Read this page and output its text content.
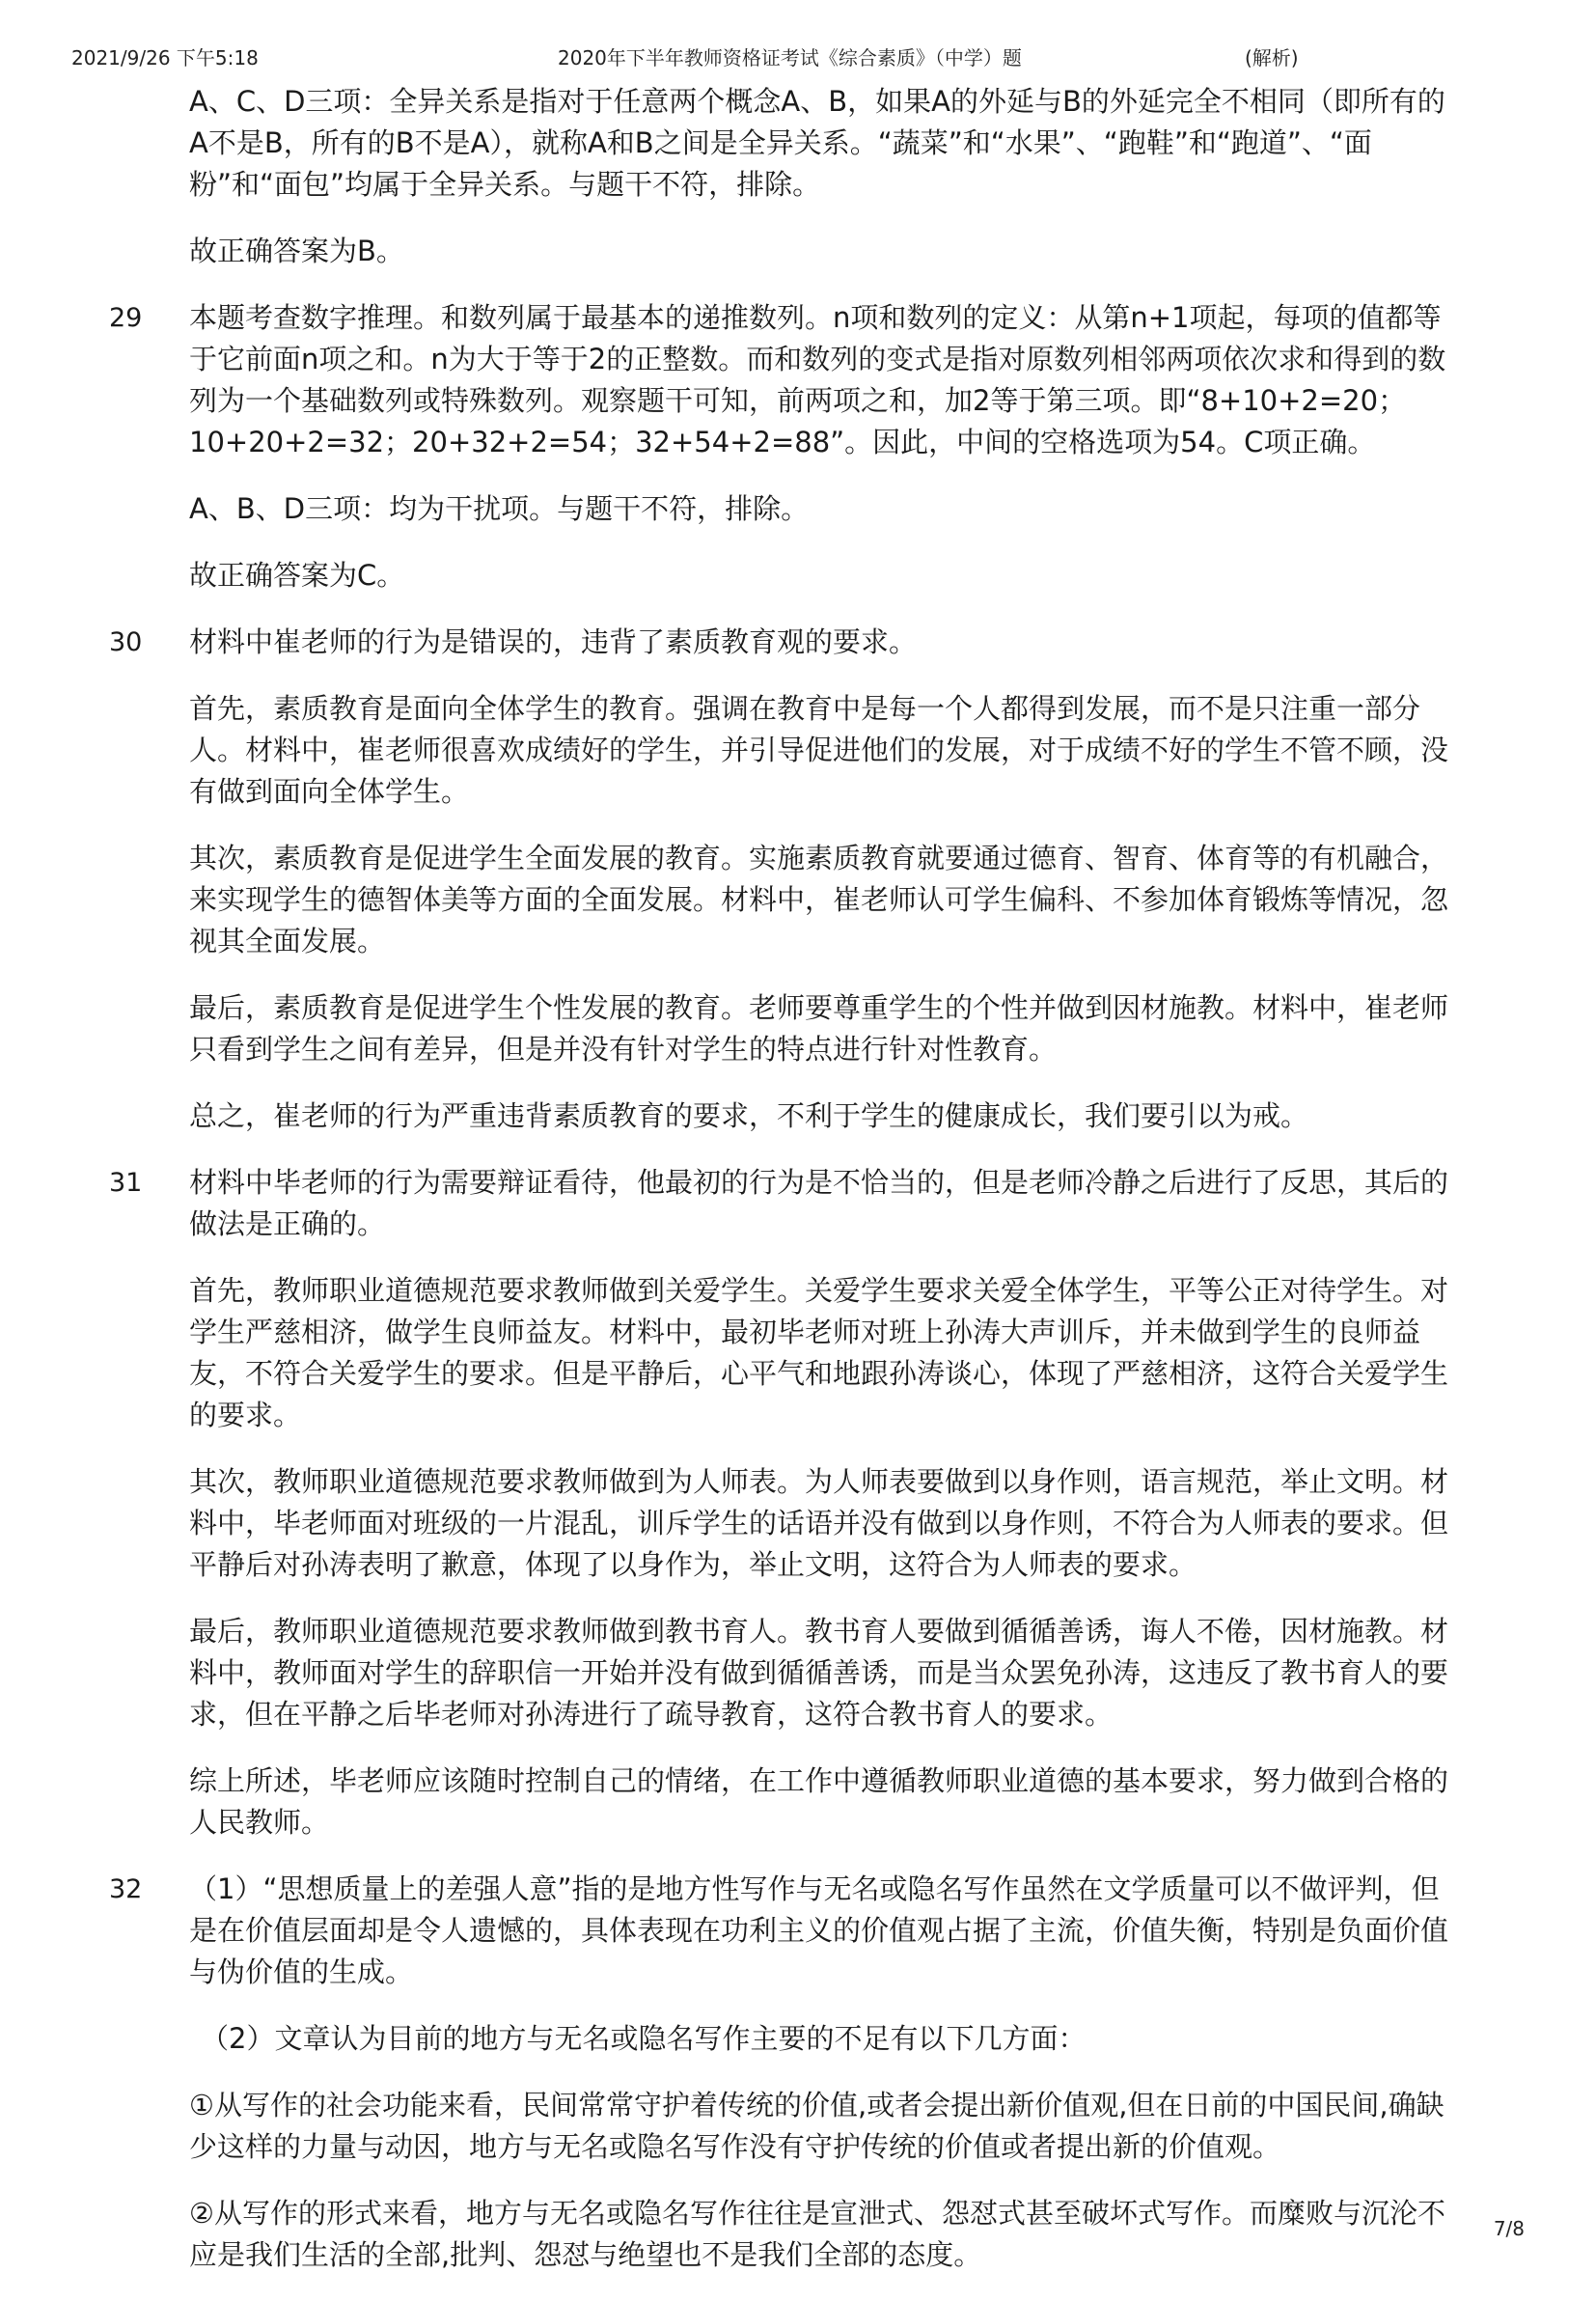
2021/9/26 下午5:18	2020年下半年教师资格证考试《综合素质》（中学）题	(解析)
A、C、D三项：全异关系是指对于任意两个概念A、B，如果A的外延与B的外延完全不相同（即所有的A不是B，所有的B不是A），就称A和B之间是全异关系。“蔬菜”和“水果”、“跑鞋”和“跑道”、“面粉”和“面包”均属于全异关系。与题干不符，排除。
故正确答案为B。
29 本题考查数字推理。和数列属于最基本的递推数列。n项和数列的定义：从第n+1项起，每项的值都等于它前面n项之和。n为大于等于2的正整数。而和数列的变式是指对原数列相邻两项依次求和得到的数列为一个基础数列或特殊数列。观察题干可知，前两项之和，加2等于第三项。即“8+10+2=20；10+20+2=32；20+32+2=54；32+54+2=88”。因此，中间的空格选项为54。C项正确。
A、B、D三项：均为干扰项。与题干不符，排除。
故正确答案为C。
30 材料中崔老师的行为是错误的，违背了素质教育观的要求。
首先，素质教育是面向全体学生的教育。强调在教育中是每一个人都得到发展，而不是只注重一部分人。材料中，崔老师很喜欢成绩好的学生，并引导促进他们的发展，对于成绩不好的学生不管不顾，没有做到面向全体学生。
其次，素质教育是促进学生全面发展的教育。实施素质教育就要通过德育、智育、体育等的有机融合，来实现学生的德智体美等方面的全面发展。材料中，崔老师认可学生偏科、不参加体育锻炼等情况，忽视其全面发展。
最后，素质教育是促进学生个性发展的教育。老师要尊重学生的个性并做到因材施教。材料中，崔老师只看到学生之间有差异，但是并没有针对学生的特点进行针对性教育。
总之，崔老师的行为严重违背素质教育的要求，不利于学生的健康成长，我们要引以为戒。
31 材料中毕老师的行为需要辩证看待，他最初的行为是不恰当的，但是老师冷静之后进行了反思，其后的做法是正确的。
首先，教师职业道德规范要求教师做到关爱学生。关爱学生要求关爱全体学生，平等公正对待学生。对学生严慈相济，做学生良师益友。材料中，最初毕老师对班上孙涛大声训斥，并未做到学生的良师益友，不符合关爱学生的要求。但是平静后，心平气和地跟孙涛谈心，体现了严慈相济，这符合关爱学生的要求。
其次，教师职业道德规范要求教师做到为人师表。为人师表要做到以身作则，语言规范，举止文明。材料中，毕老师面对班级的一片混乱，训斥学生的话语并没有做到以身作则，不符合为人师表的要求。但平静后对孙涛表明了歉意，体现了以身作为，举止文明，这符合为人师表的要求。
最后，教师职业道德规范要求教师做到教书育人。教书育人要做到循循善诱，诲人不倦，因材施教。材料中，教师面对学生的辞职信一开始并没有做到循循善诱，而是当众罢免孙涛，这违反了教书育人的要求，但在平静之后毕老师对孙涛进行了疏导教育，这符合教书育人的要求。
综上所述，毕老师应该随时控制自己的情绪，在工作中遵循教师职业道德的基本要求，努力做到合格的人民教师。
32 （1）“思想质量上的差强人意”指的是地方性写作与无名或隐名写作虽然在文学质量可以不做评判，但是在价值层面却是令人遗憾的，具体表现在功利主义的价值观占据了主流，价值失衡，特别是负面价值与伪价值的生成。
（2）文章认为目前的地方与无名或隐名写作主要的不足有以下几方面：
①从写作的社会功能来看，民间常常守护着传统的价值,或者会提出新价值观,但在日前的中国民间,确缺少这样的力量与动因，地方与无名或隐名写作没有守护传统的价值或者提出新的价值观。
②从写作的形式来看，地方与无名或隐名写作往往是宣泄式、怨怼式甚至破坏式写作。而糜败与沉沦不应是我们生活的全部,批判、怨怼与绝望也不是我们全部的态度。
7/8
